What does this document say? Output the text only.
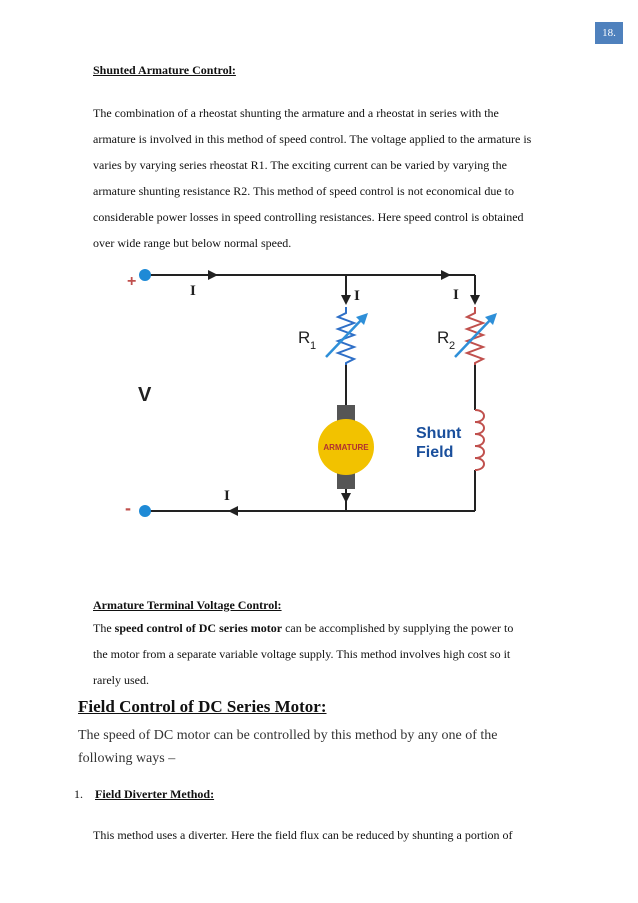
18.
Shunted Armature Control:

The combination of a rheostat shunting the armature and a rheostat in series with the

armature is involved in this method of speed control. The voltage applied to the armature is

varies by varying series rheostat R1. The exciting current can be varied by varying the

armature shunting resistance R2. This method of speed control is not economical due to

considerable power losses in speed controlling resistances. Here speed control is obtained

over wide range but below normal speed.

ARMATURE
+
-
V
I	I	I
I
R 1	R 2
Shunt
Field
Armature Terminal Voltage Control:

The speed control of DC series motor can be accomplished by supplying the power to

the motor from a separate variable voltage supply. This method involves high cost so it

rarely used.

Field Control of DC Series Motor:

The speed of DC motor can be controlled by this method by any one of the

following ways –

1. Field Diverter Method:
This method uses a diverter. Here the field flux can be reduced by shunting a portion of
